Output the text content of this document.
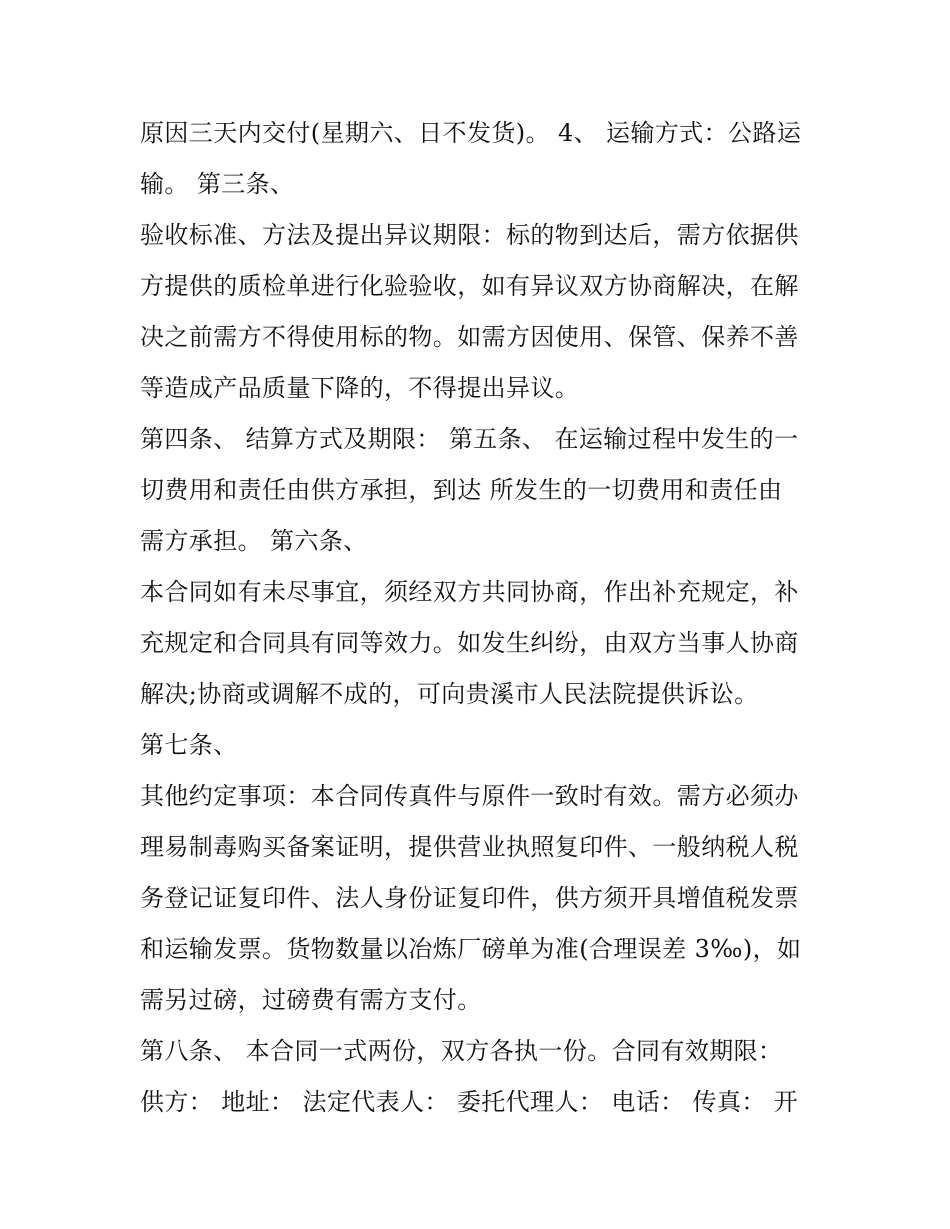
原因三天内交付(星期六、日不发货)。 4、 运输方式：公路运
输。 第三条、
验收标准、方法及提出异议期限：标的物到达后，需方依据供
方提供的质检单进行化验验收，如有异议双方协商解决，在解
决之前需方不得使用标的物。如需方因使用、保管、保养不善
等造成产品质量下降的，不得提出异议。
第四条、 结算方式及期限： 第五条、 在运输过程中发生的一
切费用和责任由供方承担，到达 所发生的一切费用和责任由
需方承担。 第六条、
本合同如有未尽事宜，须经双方共同协商，作出补充规定，补
充规定和合同具有同等效力。如发生纠纷，由双方当事人协商
解决;协商或调解不成的，可向贵溪市人民法院提供诉讼。
第七条、
其他约定事项：本合同传真件与原件一致时有效。需方必须办
理易制毒购买备案证明，提供营业执照复印件、一般纳税人税
务登记证复印件、法人身份证复印件，供方须开具增值税发票
和运输发票。货物数量以冶炼厂磅单为准(合理误差 3‰)，如
需另过磅，过磅费有需方支付。
第八条、 本合同一式两份，双方各执一份。合同有效期限：
供方： 地址： 法定代表人： 委托代理人： 电话： 传真： 开
